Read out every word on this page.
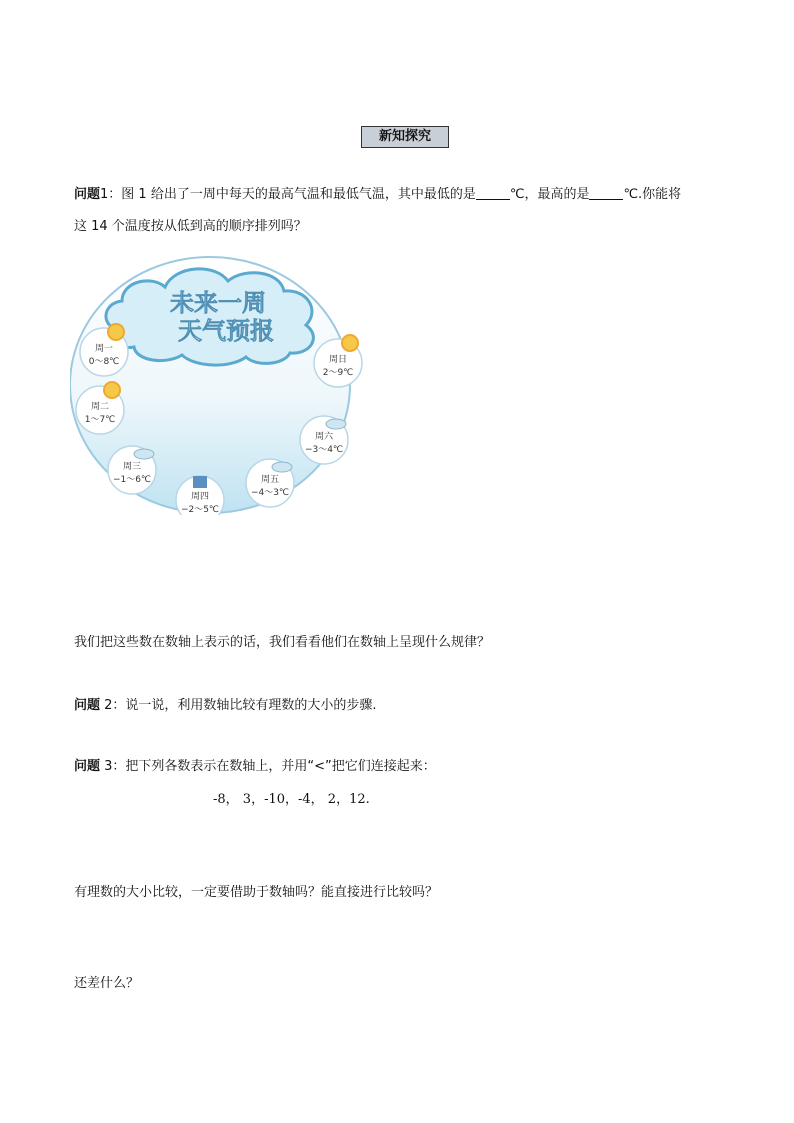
新知探究
问题1：图 1 给出了一周中每天的最高气温和最低气温，其中最低的是	℃，最高的是	℃.你能将
这 14 个温度按从低到高的顺序排列吗？
未来一周
天气预报
周一
0～8℃
周二
1～7℃
周三
−1～6℃
周四
−2～5℃
周五
−4～3℃
周六
−3～4℃
周日
2～9℃
我们把这些数在数轴上表示的话，我们看看他们在数轴上呈现什么规律？
问题 2：说一说，利用数轴比较有理数的大小的步骤.
问题 3：把下列各数表示在数轴上，并用“<”把它们连接起来：
-8， 3，-10，-4， 2，12.
有理数的大小比较，一定要借助于数轴吗？能直接进行比较吗？
还差什么？
